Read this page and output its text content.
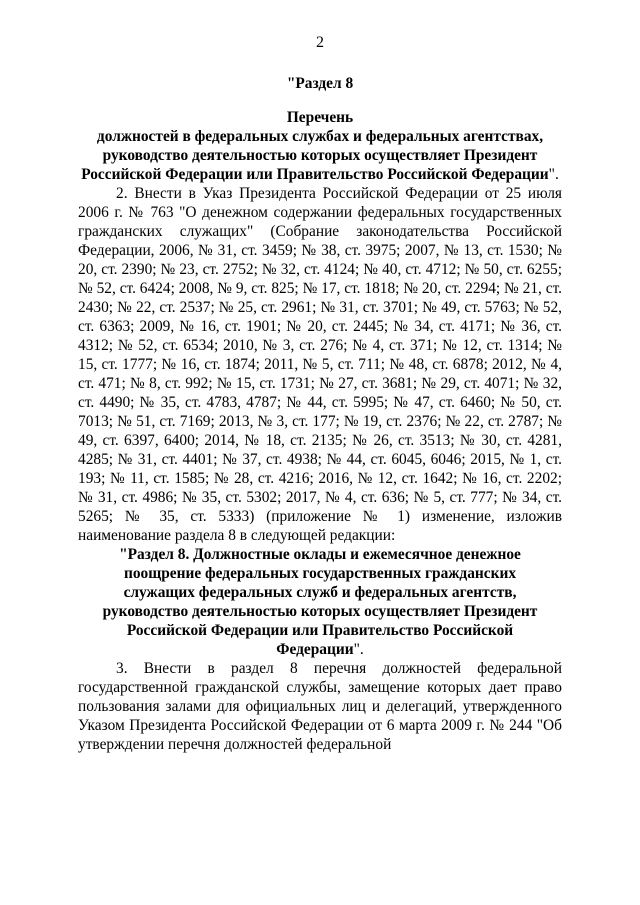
2

"Раздел 8

Перечень

должностей в федеральных службах и федеральных агентствах, руководство деятельностью которых осуществляет Президент Российской Федерации или Правительство Российской Федерации".

2. Внести в Указ Президента Российской Федерации от 25 июля 2006 г. № 763 "О денежном содержании федеральных государственных гражданских служащих" (Собрание законодательства Российской Федерации, 2006, № 31, ст. 3459; № 38, ст. 3975; 2007, № 13, ст. 1530; № 20, ст. 2390; № 23, ст. 2752; № 32, ст. 4124; № 40, ст. 4712; № 50, ст. 6255; № 52, ст. 6424; 2008, № 9, ст. 825; № 17, ст. 1818; № 20, ст. 2294; № 21, ст. 2430; № 22, ст. 2537; № 25, ст. 2961; № 31, ст. 3701; № 49, ст. 5763; № 52, ст. 6363; 2009, № 16, ст. 1901; № 20, ст. 2445; № 34, ст. 4171; № 36, ст. 4312; № 52, ст. 6534; 2010, № 3, ст. 276; № 4, ст. 371; № 12, ст. 1314; № 15, ст. 1777; № 16, ст. 1874; 2011, № 5, ст. 711; № 48, ст. 6878; 2012, № 4, ст. 471; № 8, ст. 992; № 15, ст. 1731; № 27, ст. 3681; № 29, ст. 4071; № 32, ст. 4490; № 35, ст. 4783, 4787; № 44, ст. 5995; № 47, ст. 6460; № 50, ст. 7013; № 51, ст. 7169; 2013, № 3, ст. 177; № 19, ст. 2376; № 22, ст. 2787; № 49, ст. 6397, 6400; 2014, № 18, ст. 2135; № 26, ст. 3513; № 30, ст. 4281, 4285; № 31, ст. 4401; № 37, ст. 4938; № 44, ст. 6045, 6046; 2015, № 1, ст. 193; № 11, ст. 1585; № 28, ст. 4216; 2016, № 12, ст. 1642; № 16, ст. 2202; № 31, ст. 4986; № 35, ст. 5302; 2017, № 4, ст. 636; № 5, ст. 777; № 34, ст. 5265; № 35, ст. 5333) (приложение № 1) изменение, изложив наименование раздела 8 в следующей редакции:

"Раздел 8. Должностные оклады и ежемесячное денежное поощрение федеральных государственных гражданских служащих федеральных служб и федеральных агентств, руководство деятельностью которых осуществляет Президент Российской Федерации или Правительство Российской Федерации".

3. Внести в раздел 8 перечня должностей федеральной государственной гражданской службы, замещение которых дает право пользования залами для официальных лиц и делегаций, утвержденного Указом Президента Российской Федерации от 6 марта 2009 г. № 244 "Об утверждении перечня должностей федеральной
